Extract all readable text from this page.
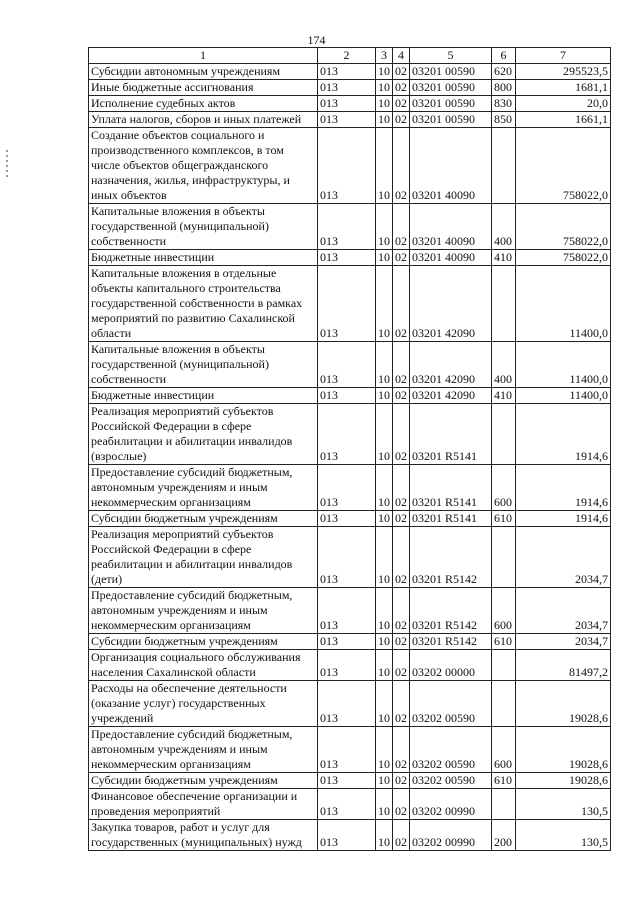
174
1	2	3	4	5	6	7
Субсидии автономным учреждениям	013	10	02	03201 00590	620	295523,5
Иные бюджетные ассигнования	013	10	02	03201 00590	800	1681,1
Исполнение судебных актов	013	10	02	03201 00590	830	20,0
Уплата налогов, сборов и иных платежей	013	10	02	03201 00590	850	1661,1
Создание объектов социального и производственного комплексов, в том числе объектов общегражданского назначения, жилья, инфраструктуры, и иных объектов	013	10	02	03201 40090		758022,0
Капитальные вложения в объекты государственной (муниципальной) собственности	013	10	02	03201 40090	400	758022,0
Бюджетные инвестиции	013	10	02	03201 40090	410	758022,0
Капитальные вложения в отдельные объекты капитального строительства государственной собственности в рамках мероприятий по развитию Сахалинской области	013	10	02	03201 42090		11400,0
Капитальные вложения в объекты государственной (муниципальной) собственности	013	10	02	03201 42090	400	11400,0
Бюджетные инвестиции	013	10	02	03201 42090	410	11400,0
Реализация мероприятий субъектов Российской Федерации в сфере реабилитации и абилитации инвалидов (взрослые)	013	10	02	03201 R5141		1914,6
Предоставление субсидий бюджетным, автономным учреждениям и иным некоммерческим организациям	013	10	02	03201 R5141	600	1914,6
Субсидии бюджетным учреждениям	013	10	02	03201 R5141	610	1914,6
Реализация мероприятий субъектов Российской Федерации в сфере реабилитации и абилитации инвалидов (дети)	013	10	02	03201 R5142		2034,7
Предоставление субсидий бюджетным, автономным учреждениям и иным некоммерческим организациям	013	10	02	03201 R5142	600	2034,7
Субсидии бюджетным учреждениям	013	10	02	03201 R5142	610	2034,7
Организация социального обслуживания населения Сахалинской области	013	10	02	03202 00000		81497,2
Расходы на обеспечение деятельности (оказание услуг) государственных учреждений	013	10	02	03202 00590		19028,6
Предоставление субсидий бюджетным, автономным учреждениям и иным некоммерческим организациям	013	10	02	03202 00590	600	19028,6
Субсидии бюджетным учреждениям	013	10	02	03202 00590	610	19028,6
Финансовое обеспечение организации и проведения мероприятий	013	10	02	03202 00990		130,5
Закупка товаров, работ и услуг для государственных (муниципальных) нужд	013	10	02	03202 00990	200	130,5
